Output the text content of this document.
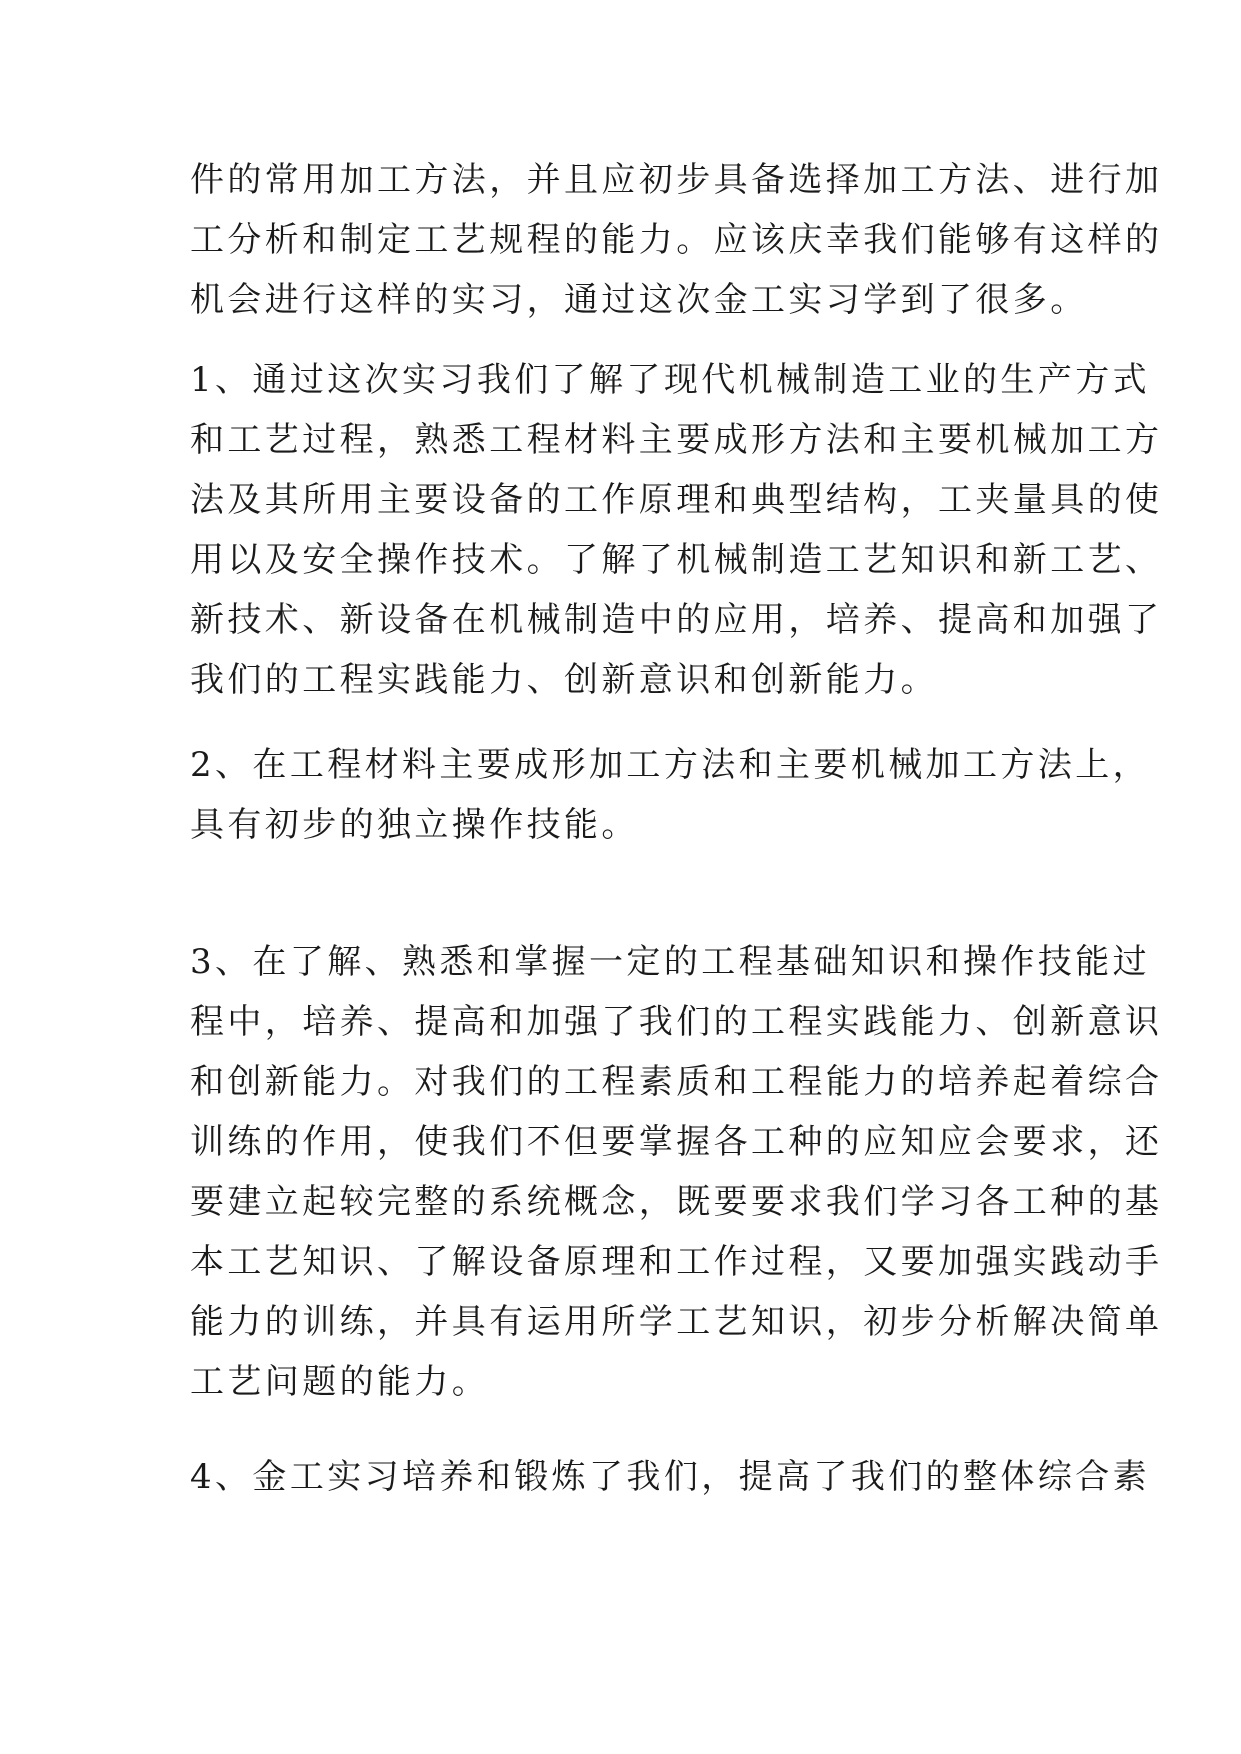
件的常用加工方法，并且应初步具备选择加工方法、进行加
工分析和制定工艺规程的能力。应该庆幸我们能够有这样的
机会进行这样的实习，通过这次金工实习学到了很多。
1、通过这次实习我们了解了现代机械制造工业的生产方式
和工艺过程，熟悉工程材料主要成形方法和主要机械加工方
法及其所用主要设备的工作原理和典型结构，工夹量具的使
用以及安全操作技术。了解了机械制造工艺知识和新工艺、
新技术、新设备在机械制造中的应用，培养、提高和加强了
我们的工程实践能力、创新意识和创新能力。
2、在工程材料主要成形加工方法和主要机械加工方法上，
具有初步的独立操作技能。
3、在了解、熟悉和掌握一定的工程基础知识和操作技能过
程中，培养、提高和加强了我们的工程实践能力、创新意识
和创新能力。对我们的工程素质和工程能力的培养起着综合
训练的作用，使我们不但要掌握各工种的应知应会要求，还
要建立起较完整的系统概念，既要要求我们学习各工种的基
本工艺知识、了解设备原理和工作过程，又要加强实践动手
能力的训练，并具有运用所学工艺知识，初步分析解决简单
工艺问题的能力。
4、金工实习培养和锻炼了我们，提高了我们的整体综合素
